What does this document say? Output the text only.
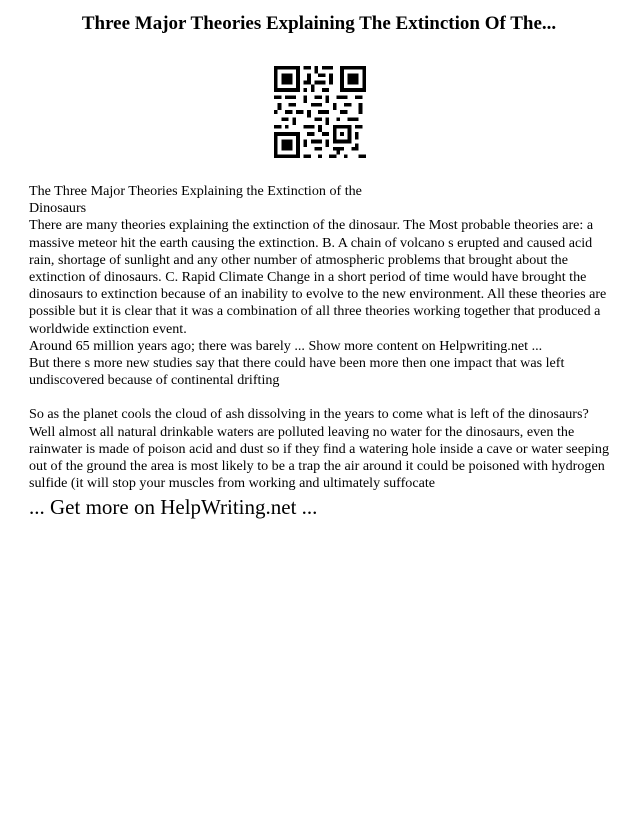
Three Major Theories Explaining The Extinction Of The...

The Three Major Theories Explaining the Extinction of the

Dinosaurs

There are many theories explaining the extinction of the dinosaur. The Most probable theories are: a massive meteor hit the earth causing the extinction. B. A chain of volcano s erupted and caused acid rain, shortage of sunlight and any other number of atmospheric problems that brought about the extinction of dinosaurs. C. Rapid Climate Change in a short period of time would have brought the dinosaurs to extinction because of an inability to evolve to the new environment. All these theories are possible but it is clear that it was a combination of all three theories working together that produced a worldwide extinction event.

Around 65 million years ago; there was barely ... Show more content on Helpwriting.net ...

But there s more new studies say that there could have been more then one impact that was left undiscovered because of continental drifting

So as the planet cools the cloud of ash dissolving in the years to come what is left of the dinosaurs? Well almost all natural drinkable waters are polluted leaving no water for the dinosaurs, even the rainwater is made of poison acid and dust so if they find a watering hole inside a cave or water seeping out of the ground the area is most likely to be a trap the air around it could be poisoned with hydrogen sulfide (it will stop your muscles from working and ultimately suffocate

... Get more on HelpWriting.net ...
